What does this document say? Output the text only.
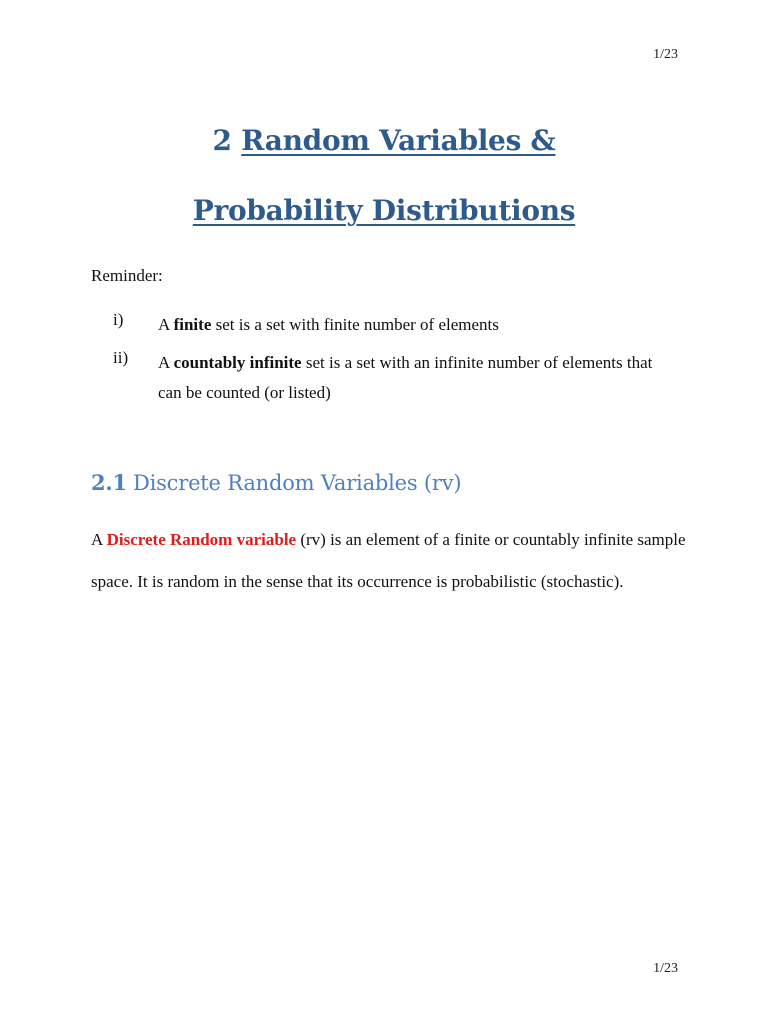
1/23
2 Random Variables &
Probability Distributions
Reminder:
i) A finite set is a set with finite number of elements
ii) A countably infinite set is a set with an infinite number of elements that can be counted (or listed)
2.1 Discrete Random Variables (rv)
A Discrete Random variable (rv) is an element of a finite or countably infinite sample space. It is random in the sense that its occurrence is probabilistic (stochastic).
1/23
